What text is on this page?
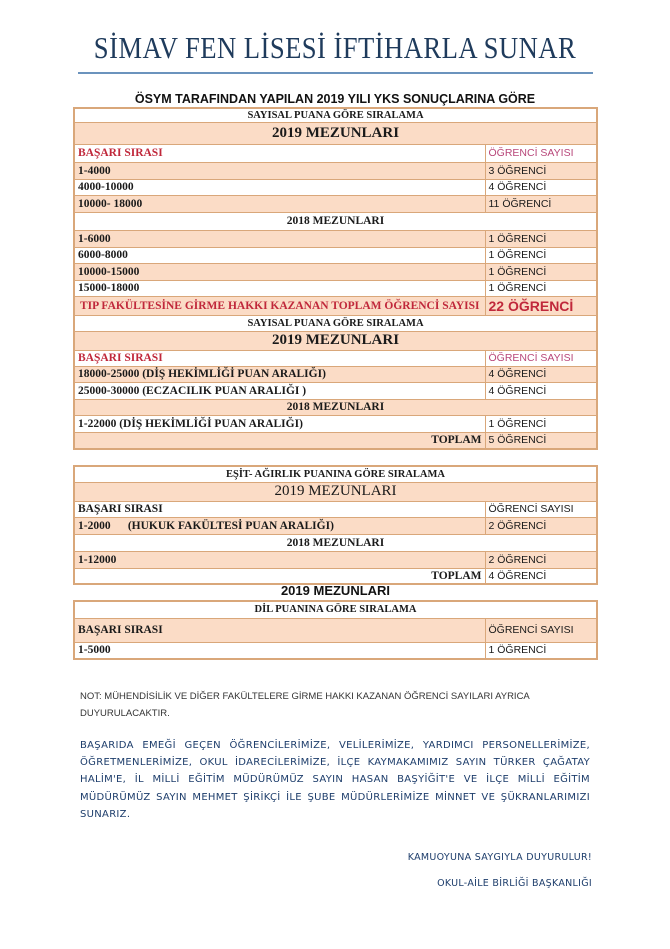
SİMAV FEN LİSESİ İFTİHARLA SUNAR
ÖSYM TARAFINDAN YAPILAN 2019 YILI YKS SONUÇLARINA GÖRE
SAYISAL PUANA GÖRE SIRALAMA	
2019 MEZUNLARI	
BAŞARI SIRASI	ÖĞRENCİ SAYISI
1-4000	3 ÖĞRENCİ
4000-10000	4 ÖĞRENCİ
10000- 18000	11 ÖĞRENCİ
2018 MEZUNLARI	
1-6000	1 ÖĞRENCİ
6000-8000	1 ÖĞRENCİ
10000-15000	1 ÖĞRENCİ
15000-18000	1 ÖĞRENCİ
TIP FAKÜLTESİNE GİRME HAKKI KAZANAN TOPLAM ÖĞRENCİ SAYISI	22 ÖĞRENCİ
SAYISAL PUANA GÖRE SIRALAMA	
2019 MEZUNLARI	
BAŞARI SIRASI	ÖĞRENCİ SAYISI
18000-25000 (DİŞ HEKİMLİĞİ PUAN ARALIĞI)	4 ÖĞRENCİ
25000-30000 (ECZACILIK PUAN ARALIĞI )	4 ÖĞRENCİ
2018 MEZUNLARI	
1-22000 (DİŞ HEKİMLİĞİ PUAN ARALIĞI)	1 ÖĞRENCİ
TOPLAM	5 ÖĞRENCİ
EŞİT- AĞIRLIK PUANINA GÖRE SIRALAMA	
2019 MEZUNLARI	
BAŞARI SIRASI	ÖĞRENCİ SAYISI
1-2000      (HUKUK FAKÜLTESİ PUAN ARALIĞI)	2 ÖĞRENCİ
2018 MEZUNLARI	
1-12000	2 ÖĞRENCİ
TOPLAM	4 ÖĞRENCİ
2019 MEZUNLARI
DİL PUANINA GÖRE SIRALAMA	
BAŞARI SIRASI	ÖĞRENCİ SAYISI
1-5000	1 ÖĞRENCİ
NOT: MÜHENDİSİLİK VE DİĞER FAKÜLTELERE GİRME HAKKI KAZANAN ÖĞRENCİ SAYILARI AYRICA DUYURULACAKTIR.
BAŞARIDA EMEĞİ GEÇEN ÖĞRENCİLERİMİZE, VELİLERİMİZE, YARDIMCI PERSONELLERİMİZE, ÖĞRETMENLERİMİZE, OKUL İDARECİLERİMİZE, İLÇE KAYMAKAMIMIZ SAYIN TÜRKER ÇAĞATAY HALİM'E, İL MİLLİ EĞİTİM MÜDÜRÜMÜZ SAYIN HASAN BAŞYİĞİT'E VE İLÇE MİLLİ EĞİTİM MÜDÜRÜMÜZ SAYIN MEHMET ŞİRİKÇİ İLE ŞUBE MÜDÜRLERİMİZE MİNNET VE ŞÜKRANLARIMIZI SUNARIZ.
KAMUOYUNA SAYGIYLA DUYURULUR!
OKUL-AİLE BİRLİĞİ BAŞKANLIĞI
